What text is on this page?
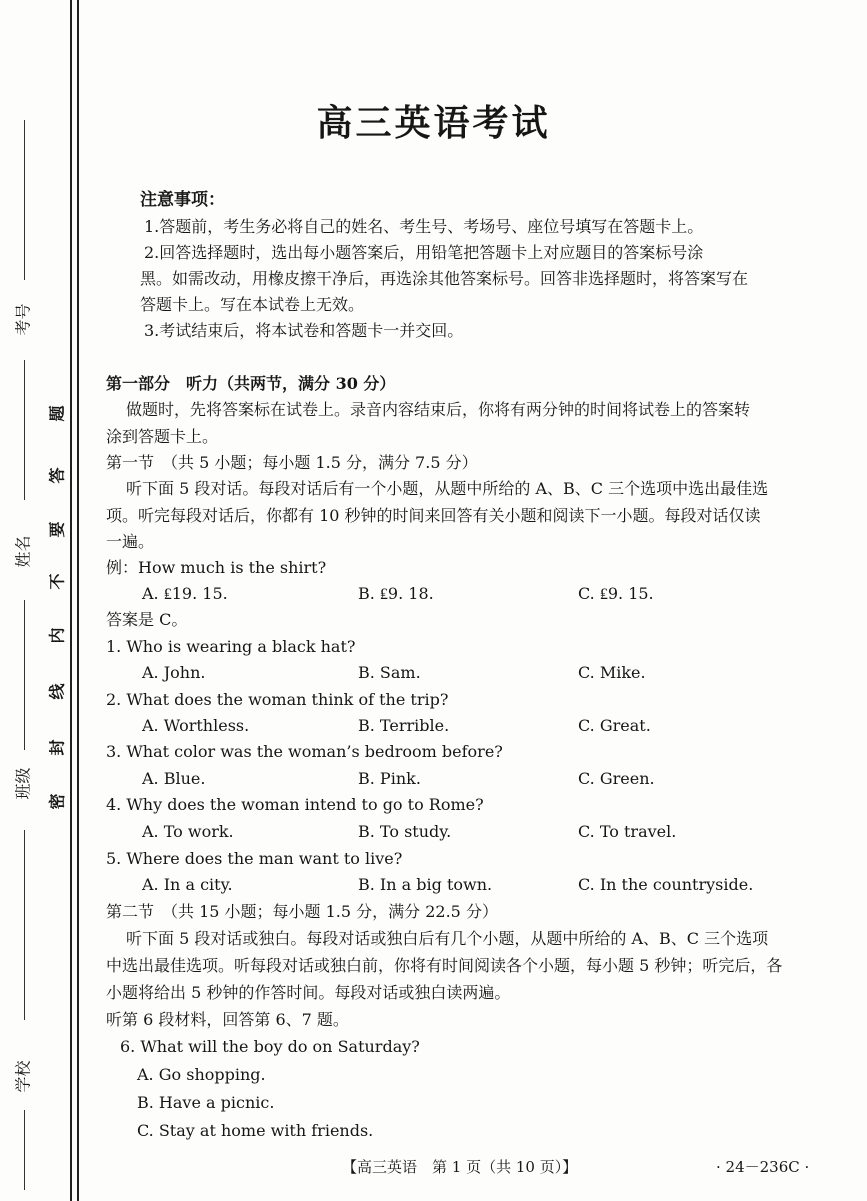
考号
姓名
班级
学校
题
答
要
不
内
线
封
密
高三英语考试
注意事项：
1.答题前，考生务必将自己的姓名、考生号、考场号、座位号填写在答题卡上。
2.回答选择题时，选出每小题答案后，用铅笔把答题卡上对应题目的答案标号涂
黑。如需改动，用橡皮擦干净后，再选涂其他答案标号。回答非选择题时，将答案写在
答题卡上。写在本试卷上无效。
3.考试结束后，将本试卷和答题卡一并交回。
第一部分　听力（共两节，满分 30 分）
做题时，先将答案标在试卷上。录音内容结束后，你将有两分钟的时间将试卷上的答案转
涂到答题卡上。
第一节　（共 5 小题；每小题 1.5 分，满分 7.5 分）
听下面 5 段对话。每段对话后有一个小题，从题中所给的 A、B、C 三个选项中选出最佳选
项。听完每段对话后，你都有 10 秒钟的时间来回答有关小题和阅读下一小题。每段对话仅读
一遍。
例：How much is the shirt?
A. ₤19. 15.	B. ₤9. 18.	C. ₤9. 15.
答案是 C。
1. Who is wearing a black hat?
A. John.	B. Sam.	C. Mike.
2. What does the woman think of the trip?
A. Worthless.	B. Terrible.	C. Great.
3. What color was the woman’s bedroom before?
A. Blue.	B. Pink.	C. Green.
4. Why does the woman intend to go to Rome?
A. To work.	B. To study.	C. To travel.
5. Where does the man want to live?
A. In a city.	B. In a big town.	C. In the countryside.
第二节　（共 15 小题；每小题 1.5 分，满分 22.5 分）
听下面 5 段对话或独白。每段对话或独白后有几个小题，从题中所给的 A、B、C 三个选项
中选出最佳选项。听每段对话或独白前，你将有时间阅读各个小题，每小题 5 秒钟；听完后，各
小题将给出 5 秒钟的作答时间。每段对话或独白读两遍。
听第 6 段材料，回答第 6、7 题。
6. What will the boy do on Saturday?
A. Go shopping.
B. Have a picnic.
C. Stay at home with friends.
【高三英语　第 1 页（共 10 页）】	· 24－236C ·
